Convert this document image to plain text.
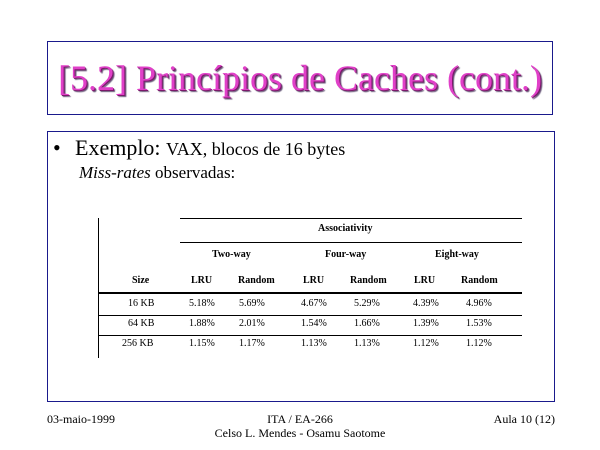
[5.2] Princípios de Caches (cont.)
• Exemplo: VAX, blocos de 16 bytes
Miss-rates observadas:
Associativity
Two-way	Four-way	Eight-way
Size	LRU	Random	LRU	Random	LRU	Random
16 KB	5.18% 5.69%	4.67%	5.29%	4.39%	4.96%
64 KB	1.88% 2.01%	1.54%	1.66%	1.39%	1.53%
256 KB	1.15% 1.17%	1.13%	1.13%	1.12%	1.12%
03-maio-1999	ITA / EA-266
Celso L. Mendes - Osamu Saotome
Aula 10 (12)
